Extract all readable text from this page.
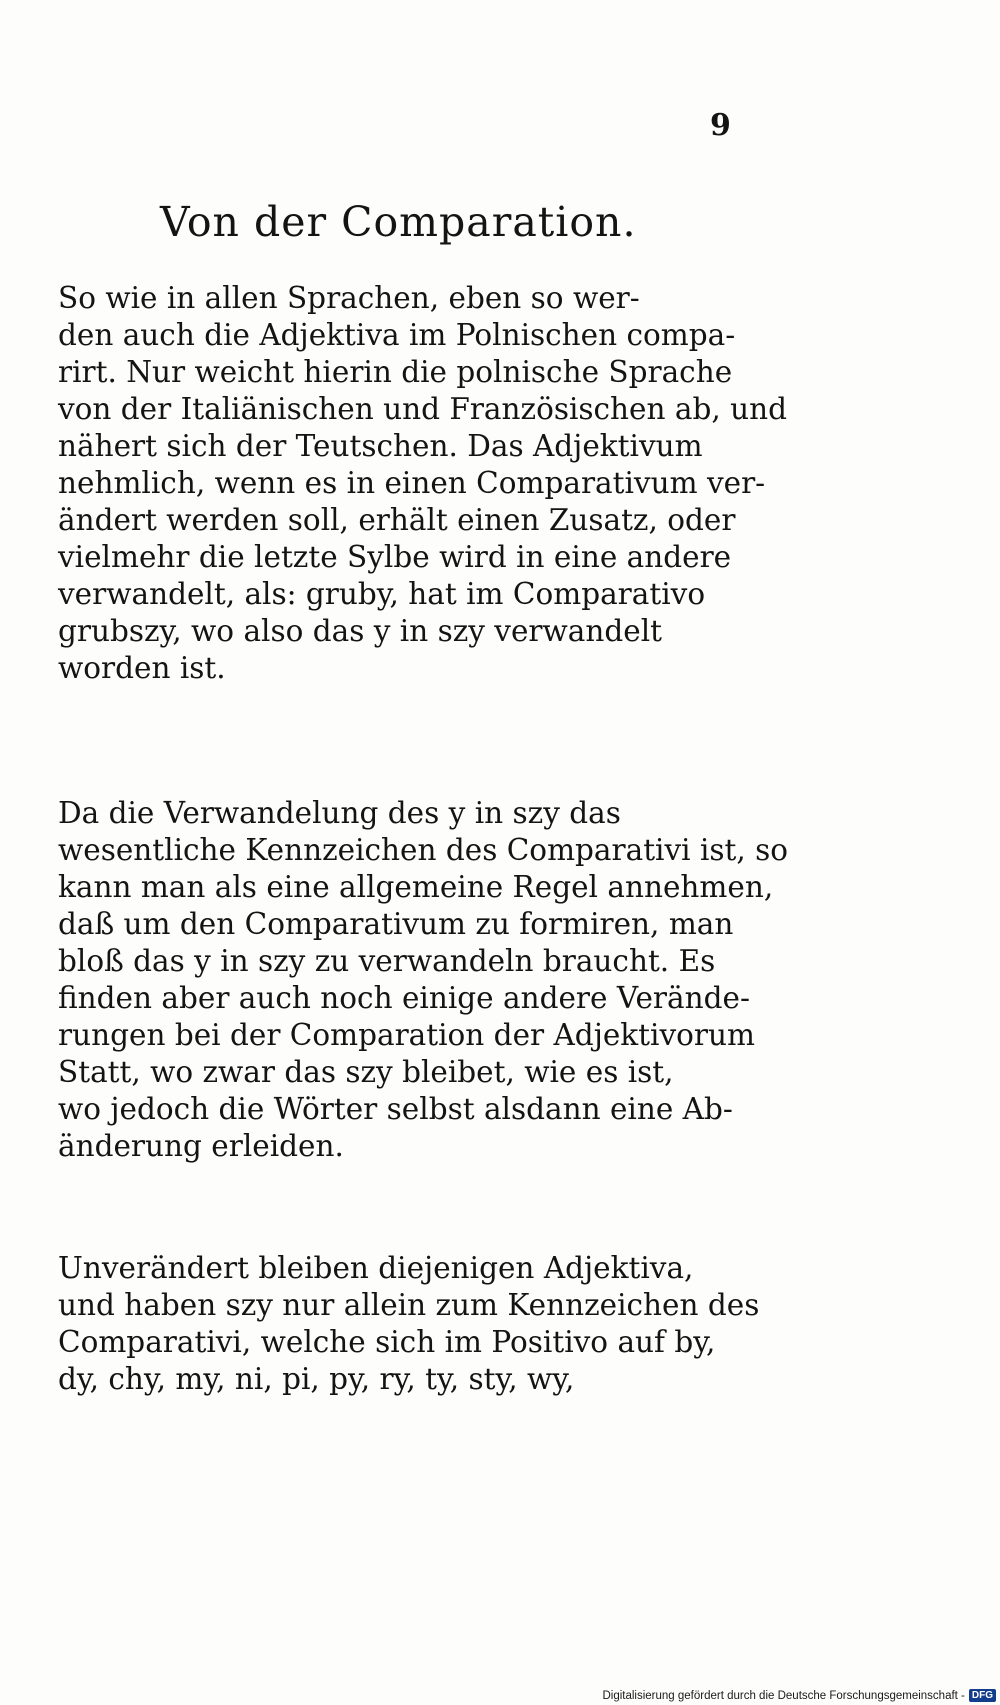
9
Von der Comparation.
So wie in allen Sprachen, eben so wer-
den auch die Adjektiva im Polnischen compa-
rirt. Nur weicht hierin die polnische Sprache
von der Italiänischen und Französischen ab, und
nähert sich der Teutschen. Das Adjektivum
nehmlich, wenn es in einen Comparativum ver-
ändert werden soll, erhält einen Zusatz, oder
vielmehr die letzte Sylbe wird in eine andere
verwandelt, als: gruby, hat im Comparativo
grubszy, wo also das y in szy verwandelt
worden ist.
Da die Verwandelung des y in szy das
wesentliche Kennzeichen des Comparativi ist, so
kann man als eine allgemeine Regel annehmen,
daß um den Comparativum zu formiren, man
bloß das y in szy zu verwandeln braucht. Es
finden aber auch noch einige andere Verände-
rungen bei der Comparation der Adjektivorum
Statt, wo zwar das szy bleibet, wie es ist,
wo jedoch die Wörter selbst alsdann eine Ab-
änderung erleiden.
Unverändert bleiben diejenigen Adjektiva,
und haben szy nur allein zum Kennzeichen des
Comparativi, welche sich im Positivo auf by,
dy, chy, my, ni, pi, py, ry, ty, sty, wy,
Digitalisierung gefördert durch die Deutsche Forschungsgemeinschaft - DFG
